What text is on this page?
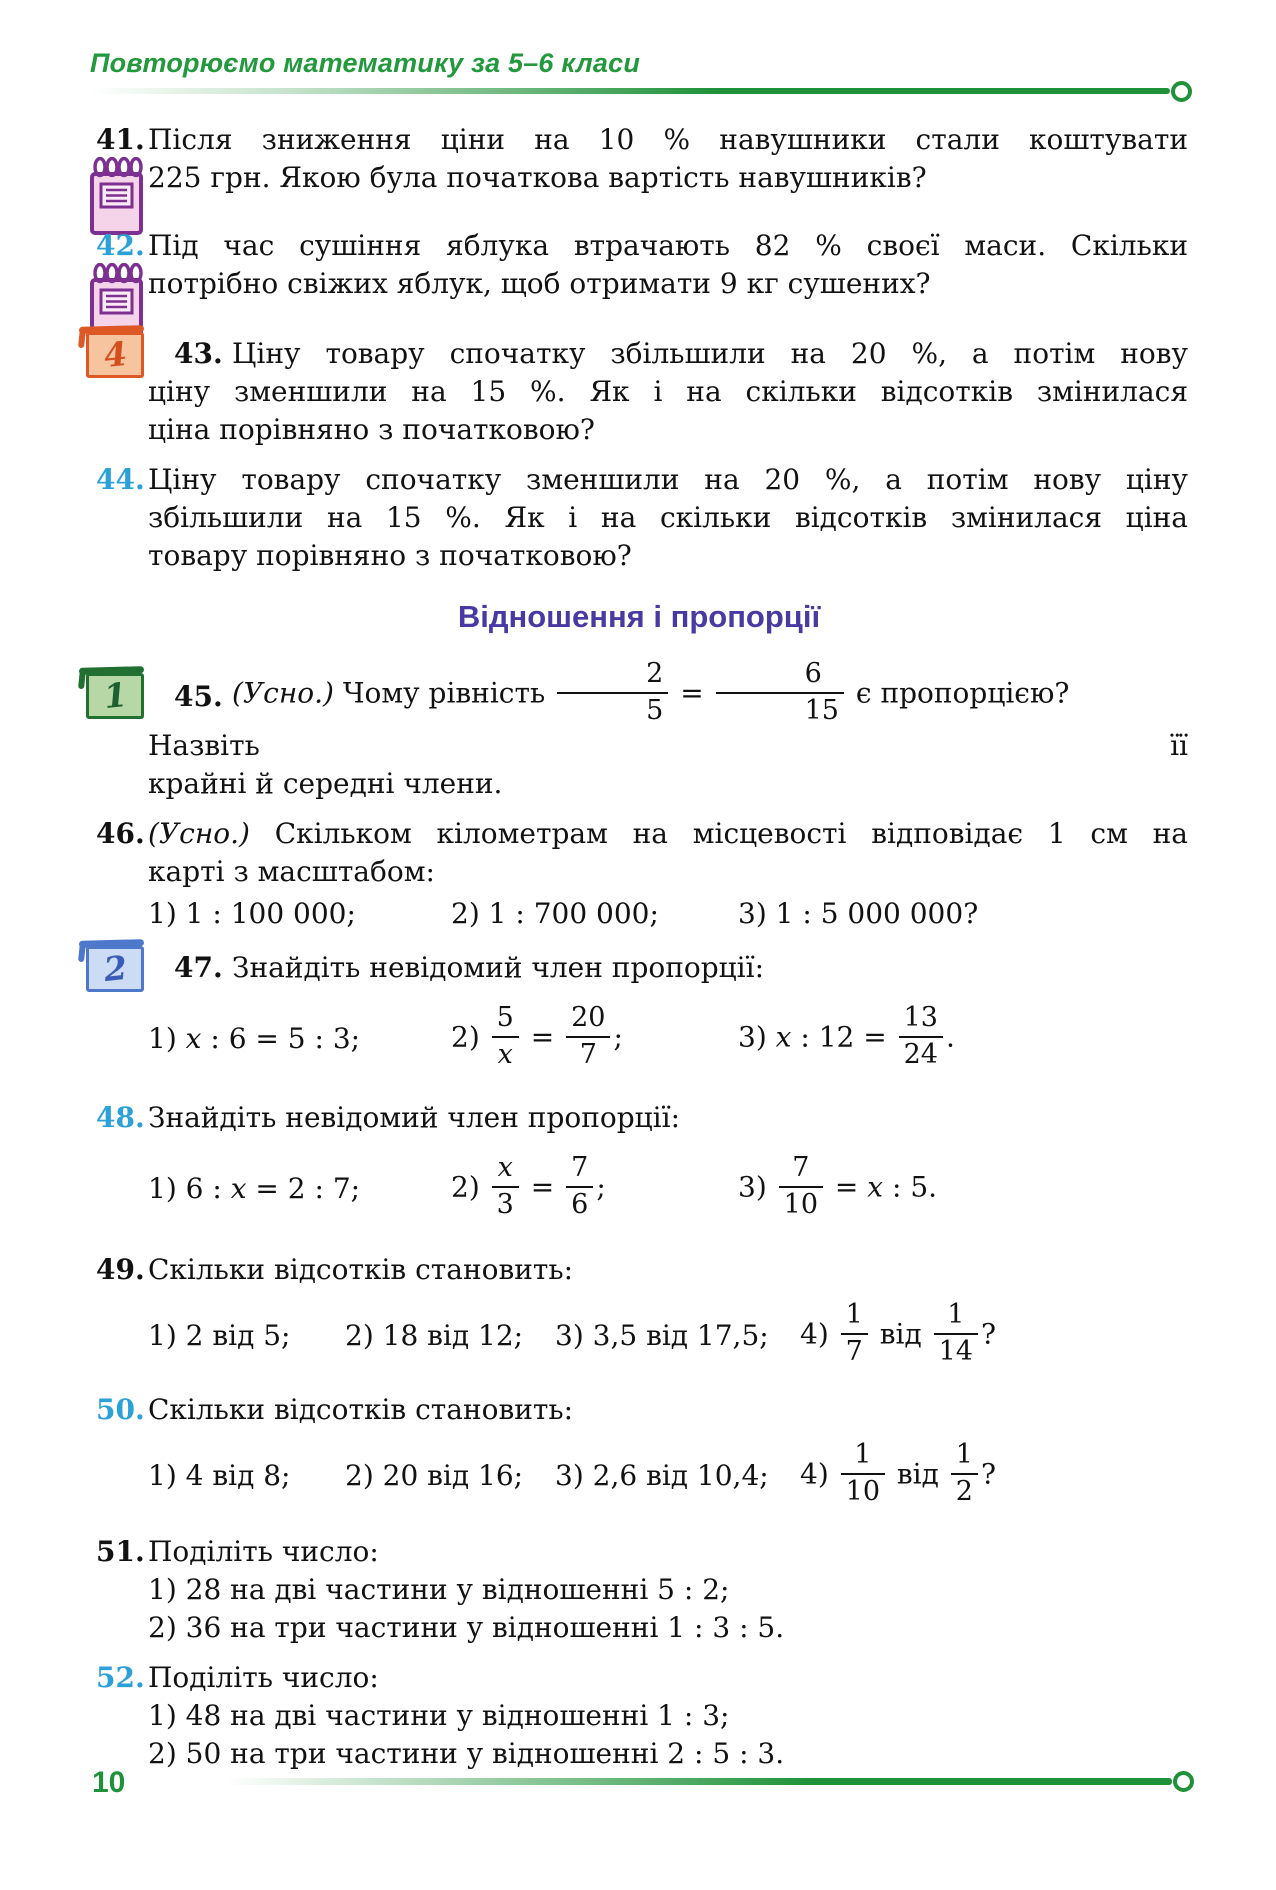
Повторюємо математику за 5–6 класи
41. Після зниження ціни на 10 % навушники стали коштувати
225 грн. Якою була початкова вартість навушників?
42. Під час сушіння яблука втрачають 82 % своєї маси. Скільки
потрібно свіжих яблук, щоб отримати 9 кг сушених?
4 43. Ціну товару спочатку збільшили на 20 %, а потім нову
ціну зменшили на 15 %. Як і на скільки відсотків змінилася
ціна порівняно з початковою?
44. Ціну товару спочатку зменшили на 20 %, а потім нову ціну
збільшили на 15 %. Як і на скільки відсотків змінилася ціна
товару порівняно з початковою?
Відношення і пропорції
1 45. (Усно.) Чому рівність $\frac{2}{5} = \frac{6}{15}$ є пропорцією? Назвіть її
крайні й середні члени.
46. (Усно.) Скільком кілометрам на місцевості відповідає 1 см на
карті з масштабом:
1) 1 : 100 000;	2) 1 : 700 000;	3) 1 : 5 000 000?
2 47. Знайдіть невідомий член пропорції:
1) x : 6 = 5 : 3;	$2) \frac{5}{x} = \frac{20}{7}$ ;	3) x : $12 = \frac{13}{24}$ .
48. Знайдіть невідомий член пропорції:
1) 6 : x = 2 : 7;	$2) \frac{x}{3} = \frac{7}{6}$ ;	$3) \frac{7}{10} = x$ : 5.
49. Скільки відсотків становить:
1) 2 від 5;	2) 18 від 12;	3) 3,5 від 17,5;	$4) \frac{1}{7}$ від $\frac{1}{14}$ ?
50. Скільки відсотків становить:
1) 4 від 8;	2) 20 від 16;	3) 2,6 від 10,4;	$4) \frac{1}{10}$ від $\frac{1}{2}$ ?
51. Поділіть число:
1) 28 на дві частини у відношенні 5 : 2;
2) 36 на три частини у відношенні 1 : 3 : 5.
52. Поділіть число:
1) 48 на дві частини у відношенні 1 : 3;
2) 50 на три частини у відношенні 2 : 5 : 3.
10
